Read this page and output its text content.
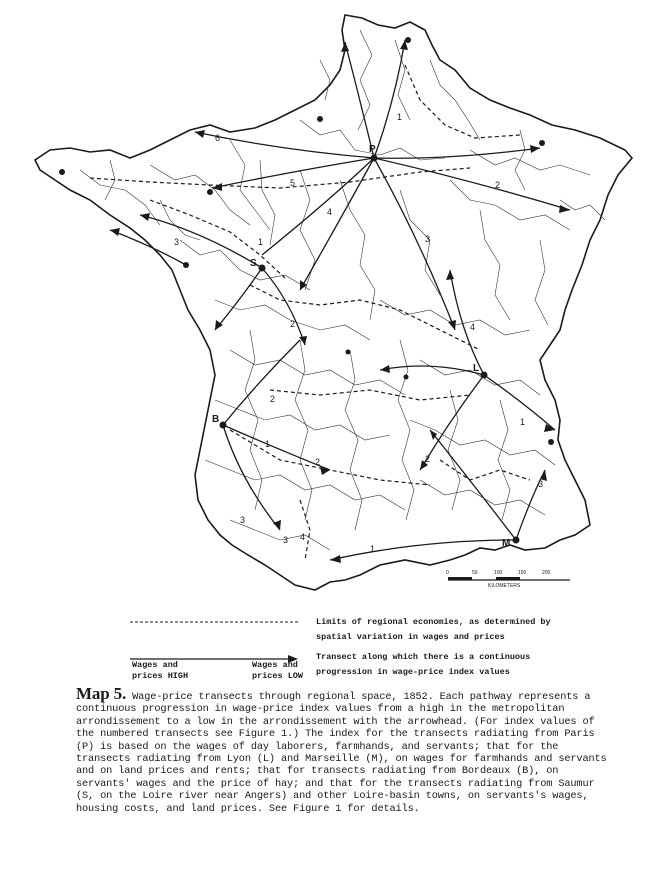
P
L
M
B
S
1
2
3
4
5
6
1
2
3
1
2
3
4
1
2
3
1
2
3
4
0	50	100	150	200
KILOMETERS
Limits of regional economies, as determined by
spatial variation in wages and prices
Transect along which there is a continuous
progression in wage-price index values
Wages and
prices HIGH
Wages and
prices LOW

Map 5. Wage-price transects through regional space, 1852. Each pathway represents a continuous progression in wage-price index values from a high in the metropolitan arrondissement to a low in the arrondissement with the arrowhead. (For index values of the numbered transects see Figure 1.) The index for the transects radiating from Paris (P) is based on the wages of day laborers, farmhands, and servants; that for the transects radiating from Lyon (L) and Marseille (M), on wages for farmhands and servants and on land prices and rents; that for transects radiating from Bordeaux (B), on servants' wages and the price of hay; and that for the transects radiating from Saumur (S, on the Loire river near Angers) and other Loire-basin towns, on servants's wages, housing costs, and land prices. See Figure 1 for details.
